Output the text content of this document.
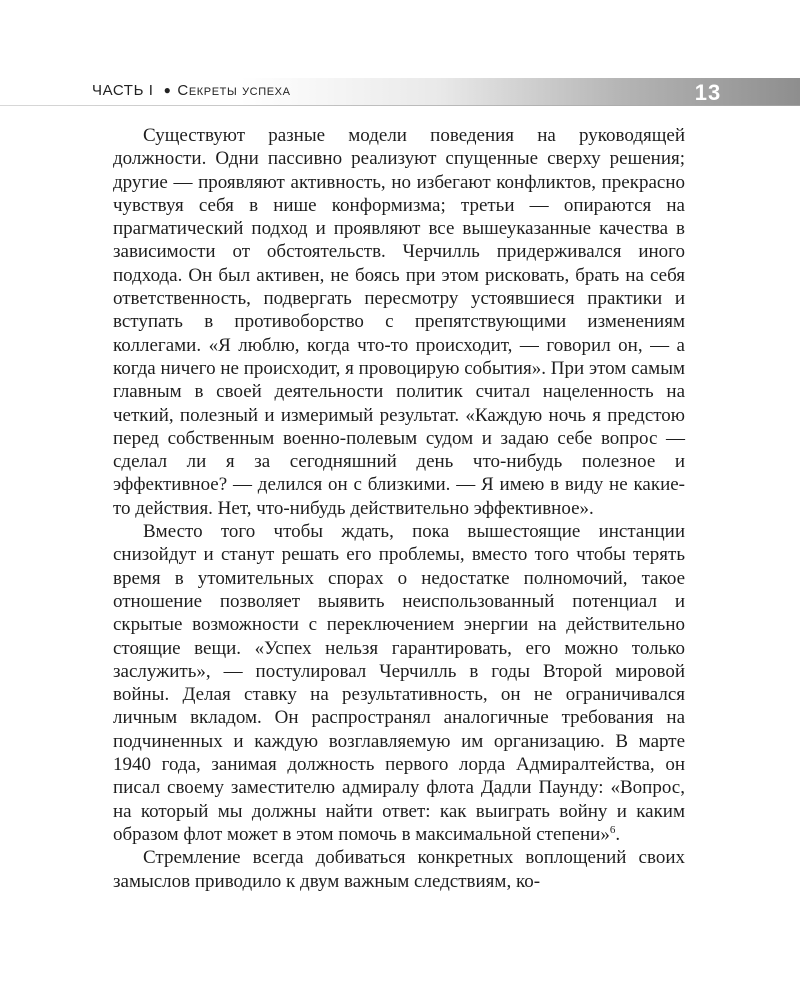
ЧАСТЬ I ● Секреты успеха	13

Существуют разные модели поведения на руководящей должности. Одни пассивно реализуют спущенные сверху решения; другие — проявляют активность, но избегают конфликтов, прекрасно чувствуя себя в нише конформизма; третьи — опираются на прагматический подход и проявляют все вышеуказанные качества в зависимости от обстоятельств. Черчилль придерживался иного подхода. Он был активен, не боясь при этом рисковать, брать на себя ответственность, подвергать пересмотру устоявшиеся практики и вступать в противоборство с препятствующими изменениям коллегами. «Я люблю, когда что-то происходит, — говорил он, — а когда ничего не происходит, я провоцирую события». При этом самым главным в своей деятельности политик считал нацеленность на четкий, полезный и измеримый результат. «Каждую ночь я предстою перед собственным военно-полевым судом и задаю себе вопрос — сделал ли я за сегодняшний день что-нибудь полезное и эффективное? — делился он с близкими. — Я имею в виду не какие-то действия. Нет, что-нибудь действительно эффективное».

Вместо того чтобы ждать, пока вышестоящие инстанции снизойдут и станут решать его проблемы, вместо того чтобы терять время в утомительных спорах о недостатке полномочий, такое отношение позволяет выявить неиспользованный потенциал и скрытые возможности с переключением энергии на действительно стоящие вещи. «Успех нельзя гарантировать, его можно только заслужить», — постулировал Черчилль в годы Второй мировой войны. Делая ставку на результативность, он не ограничивался личным вкладом. Он распространял аналогичные требования на подчиненных и каждую возглавляемую им организацию. В марте 1940 года, занимая должность первого лорда Адмиралтейства, он писал своему заместителю адмиралу флота Дадли Паунду: «Вопрос, на который мы должны найти ответ: как выиграть войну и каким образом флот может в этом помочь в максимальной степени»$^6$.

Стремление всегда добиваться конкретных воплощений своих замыслов приводило к двум важным следствиям, ко-
